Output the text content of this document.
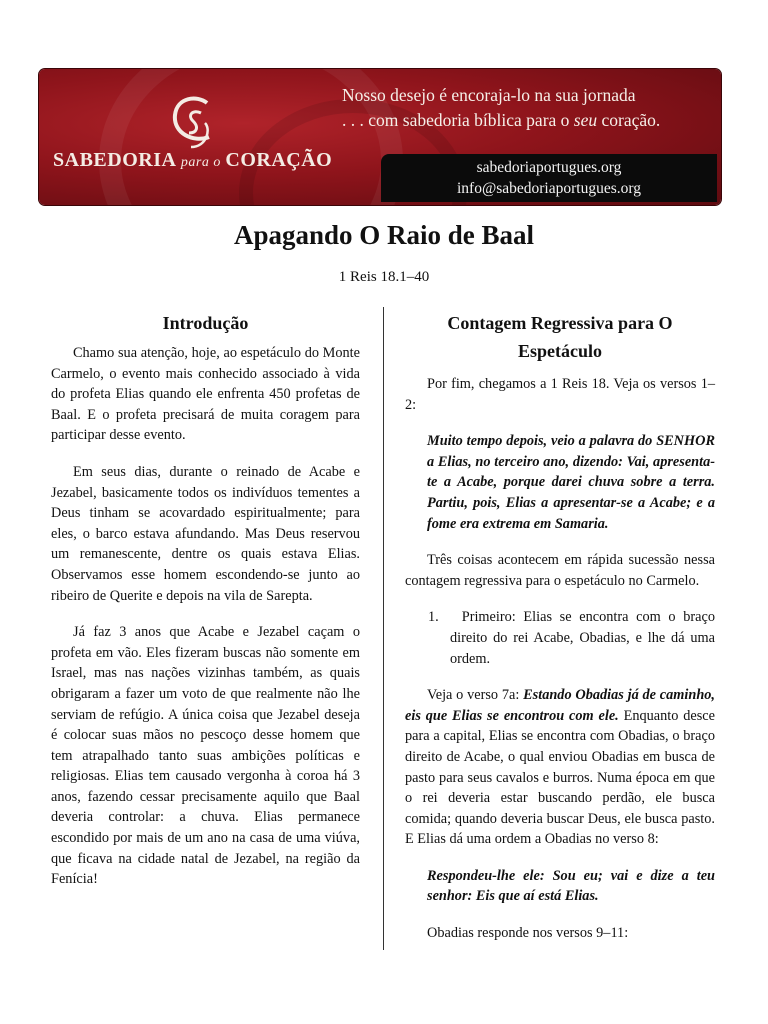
SABEDORIA para o CORAÇÃO
Nosso desejo é encoraja-lo na sua jornada
. . . com sabedoria bíblica para o seu coração.
sabedoriaportugues.org
info@sabedoriaportugues.org
Apagando O Raio de Baal
1 Reis 18.1–40
Introdução

Chamo sua atenção, hoje, ao espetáculo do Monte Carmelo, o evento mais conhecido associado à vida do profeta Elias quando ele enfrenta 450 profetas de Baal. E o profeta precisará de muita coragem para participar desse evento.

Em seus dias, durante o reinado de Acabe e Jezabel, basicamente todos os indivíduos tementes a Deus tinham se acovardado espiritualmente; para eles, o barco estava afundando. Mas Deus reservou um remanescente, dentre os quais estava Elias. Observamos esse homem escondendo-se junto ao ribeiro de Querite e depois na vila de Sarepta.

Já faz 3 anos que Acabe e Jezabel caçam o profeta em vão. Eles fizeram buscas não somente em Israel, mas nas nações vizinhas também, as quais obrigaram a fazer um voto de que realmente não lhe serviam de refúgio. A única coisa que Jezabel deseja é colocar suas mãos no pescoço desse homem que tem atrapalhado tanto suas ambições políticas e religiosas. Elias tem causado vergonha à coroa há 3 anos, fazendo cessar precisamente aquilo que Baal deveria controlar: a chuva. Elias permanece escondido por mais de um ano na casa de uma viúva, que ficava na cidade natal de Jezabel, na região da Fenícia!

Contagem Regressiva para O Espetáculo

Por fim, chegamos a 1 Reis 18. Veja os versos 1–2:

Muito tempo depois, veio a palavra do SENHOR a Elias, no terceiro ano, dizendo: Vai, apresenta-te a Acabe, porque darei chuva sobre a terra. Partiu, pois, Elias a apresentar-se a Acabe; e a fome era extrema em Samaria.

Três coisas acontecem em rápida sucessão nessa contagem regressiva para o espetáculo no Carmelo.

1. Primeiro: Elias se encontra com o braço direito do rei Acabe, Obadias, e lhe dá uma ordem.

Veja o verso 7a: Estando Obadias já de caminho, eis que Elias se encontrou com ele. Enquanto desce para a capital, Elias se encontra com Obadias, o braço direito de Acabe, o qual enviou Obadias em busca de pasto para seus cavalos e burros. Numa época em que o rei deveria estar buscando perdão, ele busca comida; quando deveria buscar Deus, ele busca pasto. E Elias dá uma ordem a Obadias no verso 8:

Respondeu-lhe ele: Sou eu; vai e dize a teu senhor: Eis que aí está Elias.

Obadias responde nos versos 9–11:
